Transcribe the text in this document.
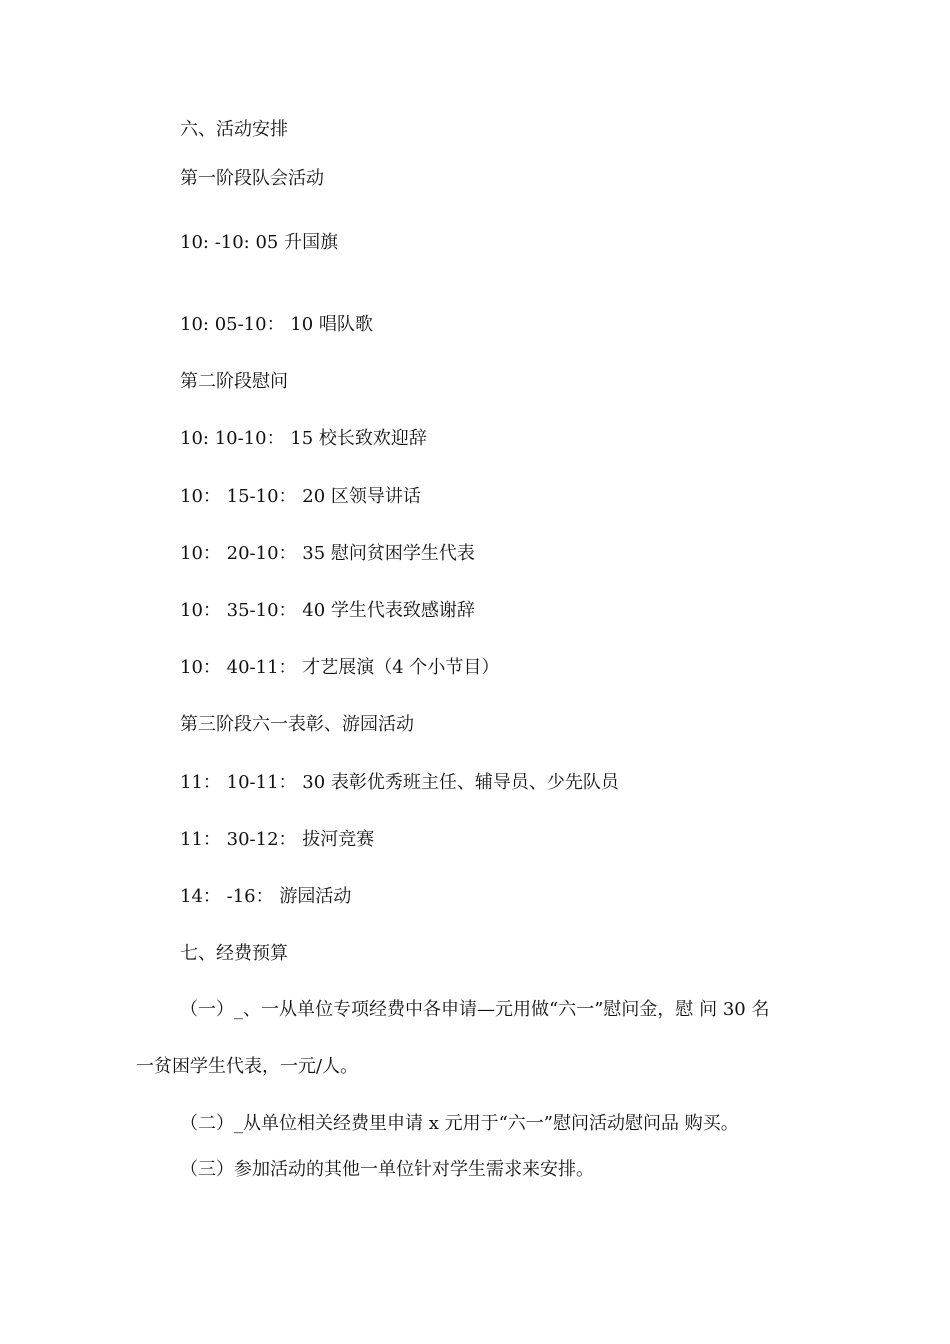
六、活动安排
第一阶段队会活动
10: -10: 05 升国旗
10: 05-10： 10 唱队歌
第二阶段慰问
10: 10-10： 15 校长致欢迎辞
10： 15-10： 20 区领导讲话
10： 20-10： 35 慰问贫困学生代表
10： 35-10： 40 学生代表致感谢辞
10： 40-11： 才艺展演（4 个小节目）
第三阶段六一表彰、游园活动
11： 10-11： 30 表彰优秀班主任、辅导员、少先队员
11： 30-12： 拔河竞赛
14： -16： 游园活动
七、经费预算
（一）_、一从单位专项经费中各申请—元用做“六一”慰问金，慰 问 30 名
一贫困学生代表，一元/人。
（二）_从单位相关经费里申请 x 元用于“六一”慰问活动慰问品 购买。
（三）参加活动的其他一单位针对学生需求来安排。
